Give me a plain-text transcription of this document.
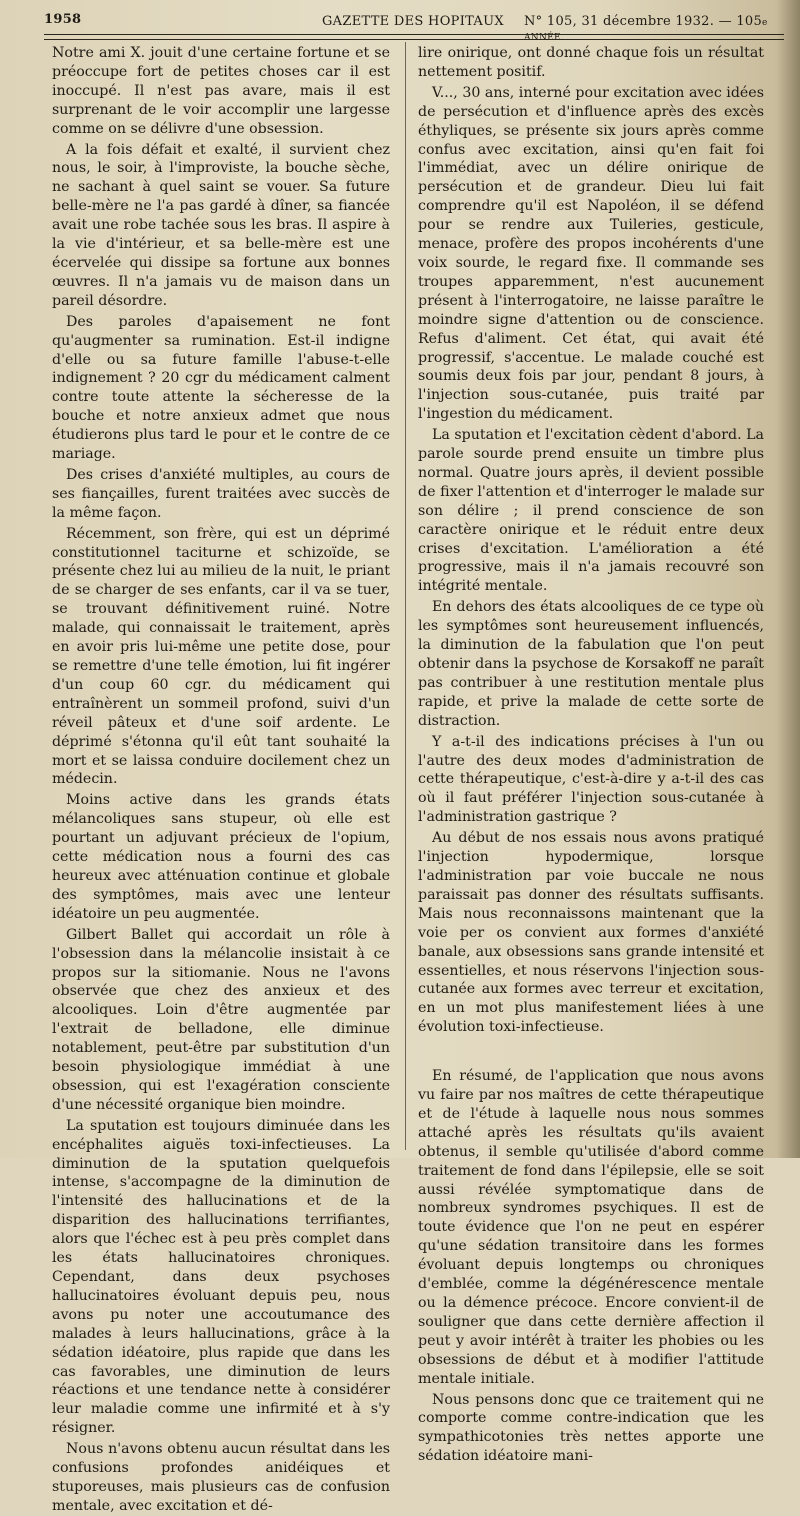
1958	GAZETTE DES HOPITAUX N° 105, 31 décembre 1932. — 105e ANNÉE.

Notre ami X. jouit d'une certaine fortune et se préoccupe fort de petites choses car il est inoccupé. Il n'est pas avare, mais il est surprenant de le voir accomplir une largesse comme on se délivre d'une obsession.

A la fois défait et exalté, il survient chez nous, le soir, à l'improviste, la bouche sèche, ne sachant à quel saint se vouer. Sa future belle-mère ne l'a pas gardé à dîner, sa fiancée avait une robe tachée sous les bras. Il aspire à la vie d'intérieur, et sa belle-mère est une écervelée qui dissipe sa fortune aux bonnes œuvres. Il n'a jamais vu de maison dans un pareil désordre.

Des paroles d'apaisement ne font qu'augmenter sa rumination. Est-il indigne d'elle ou sa future famille l'abuse-t-elle indignement ? 20 cgr du médicament calment contre toute attente la sécheresse de la bouche et notre anxieux admet que nous étudierons plus tard le pour et le contre de ce mariage.

Des crises d'anxiété multiples, au cours de ses fiançailles, furent traitées avec succès de la même façon.

Récemment, son frère, qui est un déprimé constitutionnel taciturne et schizoïde, se présente chez lui au milieu de la nuit, le priant de se charger de ses enfants, car il va se tuer, se trouvant définitivement ruiné. Notre malade, qui connaissait le traitement, après en avoir pris lui-même une petite dose, pour se remettre d'une telle émotion, lui fit ingérer d'un coup 60 cgr. du médicament qui entraînèrent un sommeil profond, suivi d'un réveil pâteux et d'une soif ardente. Le déprimé s'étonna qu'il eût tant souhaité la mort et se laissa conduire docilement chez un médecin.

Moins active dans les grands états mélancoliques sans stupeur, où elle est pourtant un adjuvant précieux de l'opium, cette médication nous a fourni des cas heureux avec atténuation continue et globale des symptômes, mais avec une lenteur idéatoire un peu augmentée.

Gilbert Ballet qui accordait un rôle à l'obsession dans la mélancolie insistait à ce propos sur la sitiomanie. Nous ne l'avons observée que chez des anxieux et des alcooliques. Loin d'être augmentée par l'extrait de belladone, elle diminue notablement, peut-être par substitution d'un besoin physiologique immédiat à une obsession, qui est l'exagération consciente d'une nécessité organique bien moindre.

La sputation est toujours diminuée dans les encéphalites aiguës toxi-infectieuses. La diminution de la sputation quelquefois intense, s'accompagne de la diminution de l'intensité des hallucinations et de la disparition des hallucinations terrifiantes, alors que l'échec est à peu près complet dans les états hallucinatoires chroniques. Cependant, dans deux psychoses hallucinatoires évoluant depuis peu, nous avons pu noter une accoutumance des malades à leurs hallucinations, grâce à la sédation idéatoire, plus rapide que dans les cas favorables, une diminution de leurs réactions et une tendance nette à considérer leur maladie comme une infirmité et à s'y résigner.

Nous n'avons obtenu aucun résultat dans les confusions profondes anidéiques et stuporeuses, mais plusieurs cas de confusion mentale, avec excitation et dé-

lire onirique, ont donné chaque fois un résultat nettement positif.

V..., 30 ans, interné pour excitation avec idées de persécution et d'influence après des excès éthyliques, se présente six jours après comme confus avec excitation, ainsi qu'en fait foi l'immédiat, avec un délire onirique de persécution et de grandeur. Dieu lui fait comprendre qu'il est Napoléon, il se défend pour se rendre aux Tuileries, gesticule, menace, profère des propos incohérents d'une voix sourde, le regard fixe. Il commande ses troupes apparemment, n'est aucunement présent à l'interrogatoire, ne laisse paraître le moindre signe d'attention ou de conscience. Refus d'aliment. Cet état, qui avait été progressif, s'accentue. Le malade couché est soumis deux fois par jour, pendant 8 jours, à l'injection sous-cutanée, puis traité par l'ingestion du médicament.

La sputation et l'excitation cèdent d'abord. La parole sourde prend ensuite un timbre plus normal. Quatre jours après, il devient possible de fixer l'attention et d'interroger le malade sur son délire ; il prend conscience de son caractère onirique et le réduit entre deux crises d'excitation. L'amélioration a été progressive, mais il n'a jamais recouvré son intégrité mentale.

En dehors des états alcooliques de ce type où les symptômes sont heureusement influencés, la diminution de la fabulation que l'on peut obtenir dans la psychose de Korsakoff ne paraît pas contribuer à une restitution mentale plus rapide, et prive la malade de cette sorte de distraction.

Y a-t-il des indications précises à l'un ou l'autre des deux modes d'administration de cette thérapeutique, c'est-à-dire y a-t-il des cas où il faut préférer l'injection sous-cutanée à l'administration gastrique ?

Au début de nos essais nous avons pratiqué l'injection hypodermique, lorsque l'administration par voie buccale ne nous paraissait pas donner des résultats suffisants. Mais nous reconnaissons maintenant que la voie per os convient aux formes d'anxiété banale, aux obsessions sans grande intensité et essentielles, et nous réservons l'injection sous-cutanée aux formes avec terreur et excitation, en un mot plus manifestement liées à une évolution toxi-infectieuse.

En résumé, de l'application que nous avons vu faire par nos maîtres de cette thérapeutique et de l'étude à laquelle nous nous sommes attaché après les résultats qu'ils avaient obtenus, il semble qu'utilisée d'abord comme traitement de fond dans l'épilepsie, elle se soit aussi révélée symptomatique dans de nombreux syndromes psychiques. Il est de toute évidence que l'on ne peut en espérer qu'une sédation transitoire dans les formes évoluant depuis longtemps ou chroniques d'emblée, comme la dégénérescence mentale ou la démence précoce. Encore convient-il de souligner que dans cette dernière affection il peut y avoir intérêt à traiter les phobies ou les obsessions de début et à modifier l'attitude mentale initiale.

Nous pensons donc que ce traitement qui ne comporte comme contre-indication que les sympathicotonies très nettes apporte une sédation idéatoire mani-
